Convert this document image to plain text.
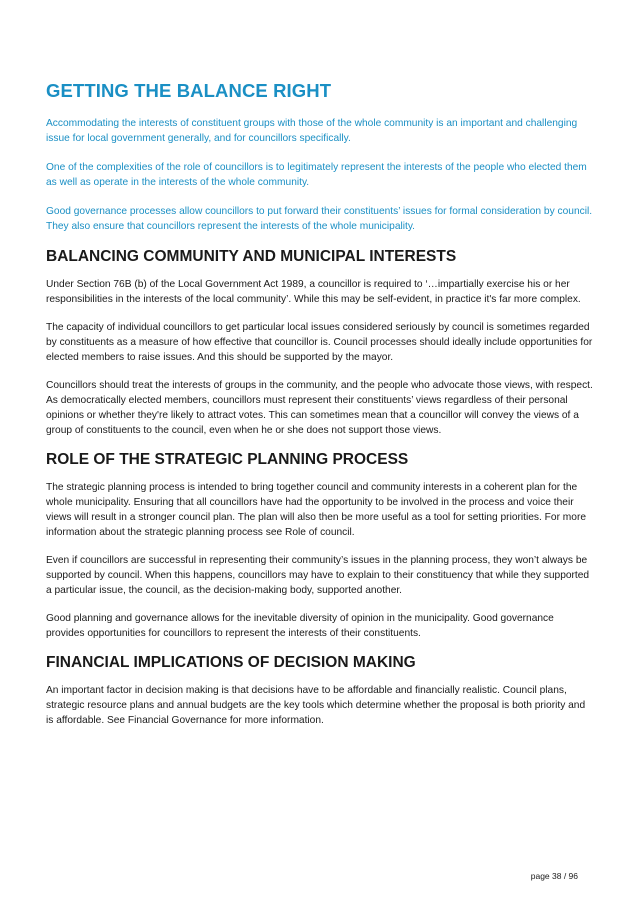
GETTING THE BALANCE RIGHT

Accommodating the interests of constituent groups with those of the whole community is an important and challenging issue for local government generally, and for councillors specifically.

One of the complexities of the role of councillors is to legitimately represent the interests of the people who elected them as well as operate in the interests of the whole community.

Good governance processes allow councillors to put forward their constituents’ issues for formal consideration by council. They also ensure that councillors represent the interests of the whole municipality.

BALANCING COMMUNITY AND MUNICIPAL INTERESTS

Under Section 76B (b) of the Local Government Act 1989, a councillor is required to ‘…impartially exercise his or her responsibilities in the interests of the local community’. While this may be self-evident, in practice it's far more complex.

The capacity of individual councillors to get particular local issues considered seriously by council is sometimes regarded by constituents as a measure of how effective that councillor is. Council processes should ideally include opportunities for elected members to raise issues. And this should be supported by the mayor.

Councillors should treat the interests of groups in the community, and the people who advocate those views, with respect. As democratically elected members, councillors must represent their constituents’ views regardless of their personal opinions or whether they're likely to attract votes. This can sometimes mean that a councillor will convey the views of a group of constituents to the council, even when he or she does not support those views.

ROLE OF THE STRATEGIC PLANNING PROCESS

The strategic planning process is intended to bring together council and community interests in a coherent plan for the whole municipality. Ensuring that all councillors have had the opportunity to be involved in the process and voice their views will result in a stronger council plan. The plan will also then be more useful as a tool for setting priorities. For more information about the strategic planning process see Role of council.

Even if councillors are successful in representing their community’s issues in the planning process, they won’t always be supported by council. When this happens, councillors may have to explain to their constituency that while they supported a particular issue, the council, as the decision-making body, supported another.

Good planning and governance allows for the inevitable diversity of opinion in the municipality. Good governance provides opportunities for councillors to represent the interests of their constituents.

FINANCIAL IMPLICATIONS OF DECISION MAKING

An important factor in decision making is that decisions have to be affordable and financially realistic. Council plans, strategic resource plans and annual budgets are the key tools which determine whether the proposal is both priority and is affordable. See Financial Governance for more information.

page 38 / 96
